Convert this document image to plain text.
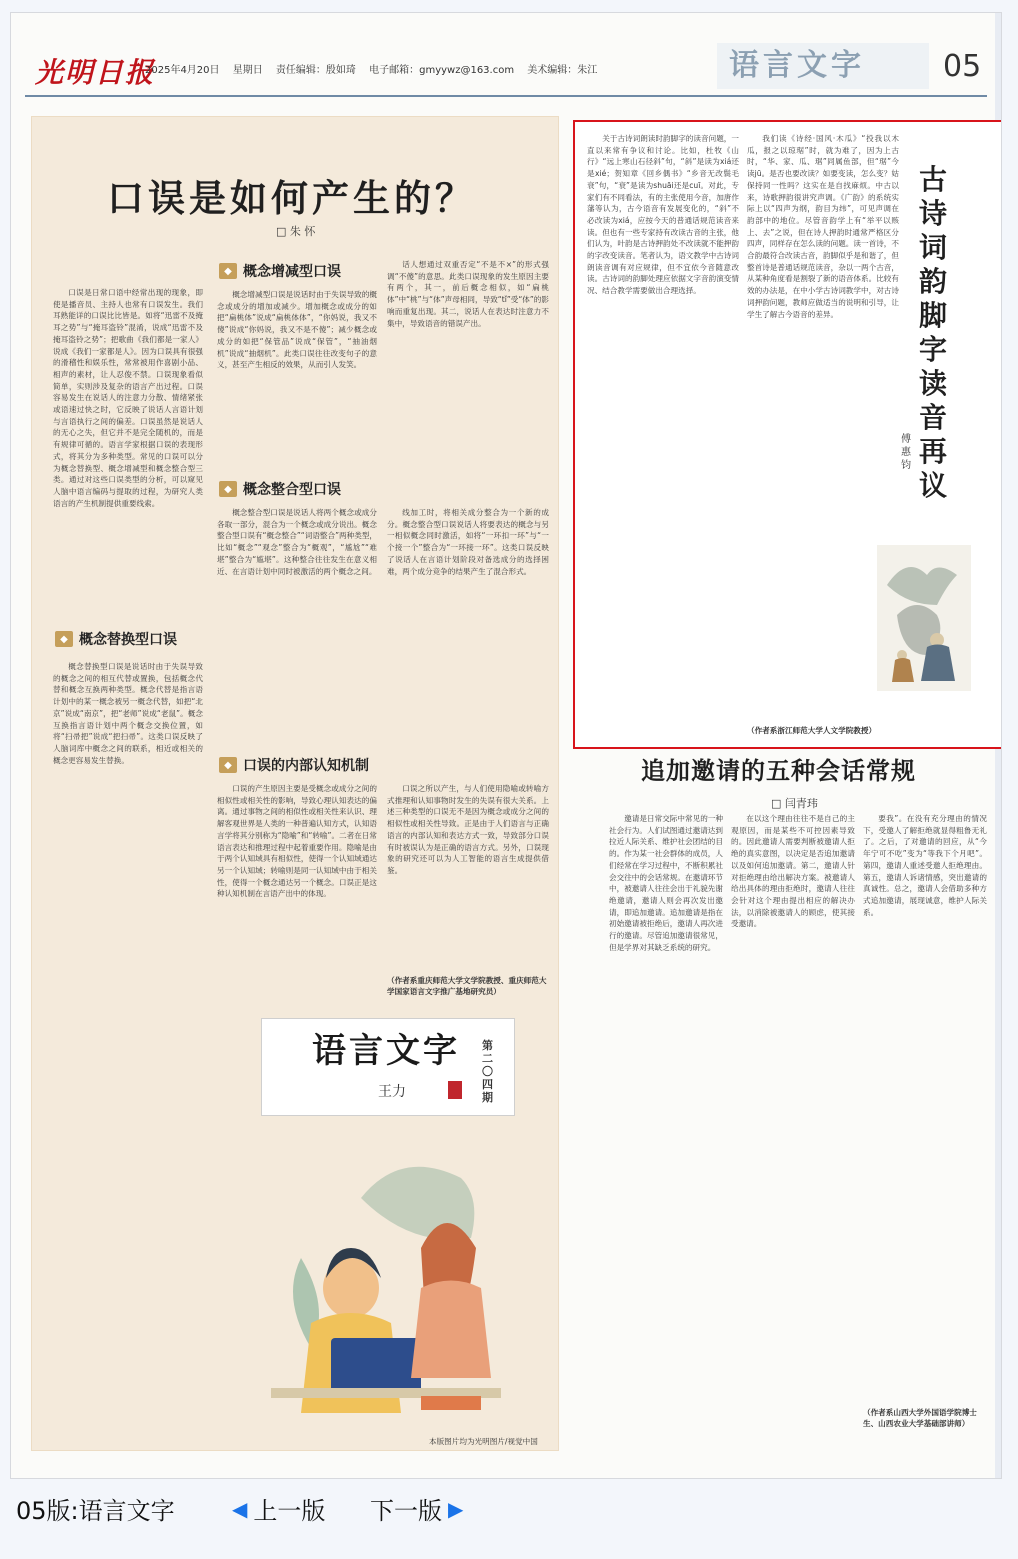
光明日报
2025年4月20日 星期日 责任编辑：殷如琦 电子邮箱：gmyywz@163.com 美术编辑：朱江	语言文字	05
口误是如何产生的？
□ 朱 怀

口误是日常口语中经常出现的现象，即使是播音员、主持人也常有口误发生。我们耳熟能详的口误比比皆是。如将“迅雷不及掩耳之势”与“掩耳盗铃”混淆，说成“迅雷不及掩耳盗铃之势”；把歌曲《我们都是一家人》说成《我们一家都是人》。因为口误具有很强的滑稽性和娱乐性，常常被用作喜剧小品、相声的素材，让人忍俊不禁。口误现象看似简单，实则涉及复杂的语言产出过程。口误容易发生在说话人的注意力分散、情绪紧张或语速过快之时，它反映了说话人言语计划与言语执行之间的偏差。口误虽然是说话人的无心之失，但它并不是完全随机的，而是有规律可循的。语言学家根据口误的表现形式，将其分为多种类型。常见的口误可以分为概念替换型、概念增减型和概念整合型三类。通过对这些口误类型的分析，可以窥见人脑中语言编码与提取的过程，为研究人类语言的产生机制提供重要线索。

◆ 概念替换型口误

概念替换型口误是说话时由于失误导致的概念之间的相互代替或置换，包括概念代替和概念互换两种类型。概念代替是指言语计划中的某一概念被另一概念代替，如把“北京”说成“南京”，把“老师”说成“老鼠”。概念互换指言语计划中两个概念交换位置，如将“扫帚把”说成“把扫帚”。这类口误反映了人脑词库中概念之间的联系，相近或相关的概念更容易发生替换。

◆ 概念增减型口误

概念增减型口误是说话时由于失误导致的概念或成分的增加或减少。增加概念或成分的如把“扁桃体”说成“扁桃体体”，“你妈说，我又不傻”说成“你妈说，我又不是不傻”；减少概念或成分的如把“保管品”说成“保管”，“抽油烟机”说成“抽烟机”。此类口误往往改变句子的意义，甚至产生相反的效果，从而引人发笑。

◆ 概念整合型口误

概念整合型口误是说话人将两个概念或成分各取一部分，混合为一个概念或成分说出。概念整合型口误有“概念整合”“词语整合”两种类型，比如“概念”“观念”整合为“概观”，“尴尬”“难堪”整合为“尴堪”。这种整合往往发生在意义相近、在言语计划中同时被激活的两个概念之间。

◆ 口误的内部认知机制

口误的产生原因主要是受概念或成分之间的相似性或相关性的影响，导致心理认知表达的偏离。通过事物之间的相似性或相关性来认识、理解客观世界是人类的一种普遍认知方式，认知语言学将其分别称为“隐喻”和“转喻”。二者在日常语言表达和推理过程中起着重要作用。隐喻是由于两个认知域具有相似性，使得一个认知域通达另一个认知域；转喻则是同一认知域中由于相关性，使得一个概念通达另一个概念。口误正是这种认知机制在言语产出中的体现。

话人想通过双重否定“不是不×”的形式强调“不傻”的意思。此类口误现象的发生原因主要有两个，其一，前后概念相似，如“扁桃体”中“桃”与“体”声母相同，导致“tǐ”受“体”的影响而重复出现。其二，说话人在表达时注意力不集中，导致语音的错误产出。

线加工时，将相关成分整合为一个新的成分。概念整合型口误说话人将要表达的概念与另一相似概念同时激活，如将“一环扣一环”与“一个接一个”整合为“一环接一环”。这类口误反映了说话人在言语计划阶段对备选成分的选择困难，两个成分竞争的结果产生了混合形式。

口误之所以产生，与人们使用隐喻或转喻方式推理和认知事物时发生的失误有很大关系。上述三种类型的口误无不是因为概念或成分之间的相似性或相关性导致。正是由于人们语言与正确语言的内部认知和表达方式一致，导致部分口误有时被误认为是正确的语言方式。另外，口误现象的研究还可以为人工智能的语言生成提供借鉴。

（作者系重庆师范大学文学院教授、重庆师范大学国家语言文字推广基地研究员）
语言文字
王力
第二〇四期
本版图片均为光明图片/视觉中国

关于古诗词朗读时韵脚字的读音问题，一直以来常有争议和讨论。比如，杜牧《山行》“远上寒山石径斜”句，“斜”是读为xiá还是xié；贺知章《回乡偶书》“乡音无改鬓毛衰”句，“衰”是读为shuāi还是cuī。对此，专家们有不同看法，有的主张使用今音，加唐作藩等认为，古今语音有发展变化的，“斜”不必改读为xiá，应按今天的普通话规范读音来读。但也有一些专家持有改读古音的主张，他们认为，叶韵是古诗押韵处不改读就不能押韵的字改变读音。笔者认为，语文教学中古诗词朗读音调有对应规律，但不宜依今音随意改读。古诗词的韵脚处理应依据文字音韵演变情况、结合教学需要做出合理选择。

我们读《诗经·国风·木瓜》“投我以木瓜，报之以琼琚”时，就为难了，因为上古时，“华、家、瓜、琚”同属鱼部，但“琚”今读jū。是否也要改读？如要变读，怎么变？姑保持同一性吗？这实在是自找麻烦。中古以来，诗歌押韵很讲究声调。《广韵》的系统实际上以“四声为纲，韵目为纬”，可见声调在韵部中的地位。尽管音韵学上有“举平以赅上、去”之说，但在诗人押韵时通常严格区分四声，同样存在怎么读的问题。读一首诗，不合韵最符合改读古音，韵脚似乎是和谐了，但整首诗是普通话规范读音，杂以一两个古音，从某种角度看是割裂了新的语音体系。比较有效的办法是，在中小学古诗词教学中，对古诗词押韵问题，教师应做适当的说明和引导，让学生了解古今语音的差异。

古诗词韵脚字读音再议
傅惠钧
（作者系浙江师范大学人文学院教授）
追加邀请的五种会话常规
□ 闫青玮

邀请是日常交际中常见的一种社会行为。人们试图通过邀请达到拉近人际关系、维护社会团结的目的。作为某一社会群体的成员，人们经常在学习过程中，不断积累社会交往中的会话常规。在邀请环节中，被邀请人往往会出于礼貌先谢绝邀请，邀请人则会再次发出邀请，即追加邀请。追加邀请是指在初始邀请被拒绝后，邀请人再次进行的邀请。尽管追加邀请很常见，但是学界对其缺乏系统的研究。

在以这个理由往往不是自己的主观原因，而是某些不可控因素导致的。因此邀请人需要判断被邀请人拒绝的真实意图，以决定是否追加邀请以及如何追加邀请。第二，邀请人针对拒绝理由给出解决方案。被邀请人给出具体的理由拒绝时，邀请人往往会针对这个理由提出相应的解决办法，以消除被邀请人的顾虑，使其接受邀请。

要我”。在没有充分理由的情况下，受邀人了解拒绝就显得粗鲁无礼了。之后，了对邀请的回应，从“今年宁可不吃”变为“等我下个月吧”。第四，邀请人重述受邀人拒绝理由。第五，邀请人诉诸情感，突出邀请的真诚性。总之，邀请人会借助多种方式追加邀请，展现诚意，维护人际关系。

（作者系山西大学外国语学院博士生、山西农业大学基础部讲师）
05版:语言文字	◀ 上一版 下一版 ▶
